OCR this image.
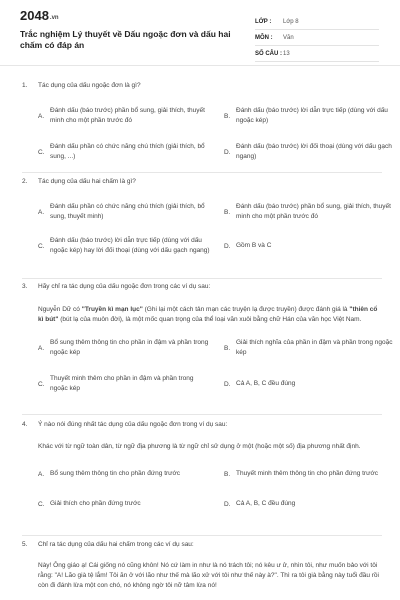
2048.vn
Trắc nghiệm Lý thuyết về Dấu ngoặc đơn và dấu hai chấm có đáp án
LỚP :	Lớp 8
MÔN :	Văn
SỐ CÂU : 13
1.	Tác dụng của dấu ngoặc đơn là gì?
A.
Đánh dấu (báo trước) phần bổ sung, giải thích, thuyết minh cho một phần trước đó
B.
Đánh dấu (báo trước) lời dẫn trực tiếp (dùng với dấu ngoặc kép)
C.
Đánh dấu phần có chức năng chú thích (giải thích, bổ sung, ...)
D.
Đánh dấu (báo trước) lời đối thoại (dùng với dấu gạch ngang)
2.	Tác dụng của dấu hai chấm là gì?
A.
Đánh dấu phần có chức năng chú thích (giải thích, bổ sung, thuyết minh)
B.
Đánh dấu (báo trước) phần bổ sung, giải thích, thuyết minh cho một phần trước đó
C.
Đánh dấu (báo trước) lời dẫn trực tiếp (dùng với dấu ngoặc kép) hay lời đối thoại (dùng với dấu gạch ngang)
D. Gồm B và C
3.	Hãy chỉ ra tác dụng của dấu ngoặc đơn trong các ví dụ sau:
Nguyễn Dữ có "Truyền kì mạn lục" (Ghi lại một cách tản mạn các truyện lạ được truyền) được đánh giá là "thiên cổ kì bút" (bút lạ của muôn đời), là một mốc quan trọng của thể loại văn xuôi bằng chữ Hán của văn học Việt Nam.
A.
Bổ sung thêm thông tin cho phần in đậm và phần trong ngoặc kép
B.
Giải thích nghĩa của phần in đậm và phần trong ngoặc kép
C.
Thuyết minh thêm cho phần in đậm và phần trong ngoặc kép
D. Cả A, B, C đều đúng
4.	Ý nào nói đúng nhất tác dụng của dấu ngoặc đơn trong ví dụ sau:
Khác với từ ngữ toàn dân, từ ngữ địa phương là từ ngữ chỉ sử dụng ở một (hoặc một số) địa phương nhất định.
A. Bổ sung thêm thông tin cho phần đứng trước	B. Thuyết minh thêm thông tin cho phần đứng trước
C. Giải thích cho phần đứng trước	D. Cả A, B, C đều đúng
5.	Chỉ ra tác dụng của dấu hai chấm trong các ví dụ sau:
Này! Ông giáo ạ! Cái giống nó cũng khôn! Nó cứ làm in như là nó trách tôi; nó kêu ư ử, nhìn tôi, như muốn bảo với tôi rằng: "A! Lão già tệ lắm! Tôi ăn ở với lão như thế mà lão xử với tôi như thế này à?". Thì ra tôi già bằng này tuổi đầu rồi còn đi đánh lừa một con chó, nó không ngờ tôi nỡ tâm lừa nó!
